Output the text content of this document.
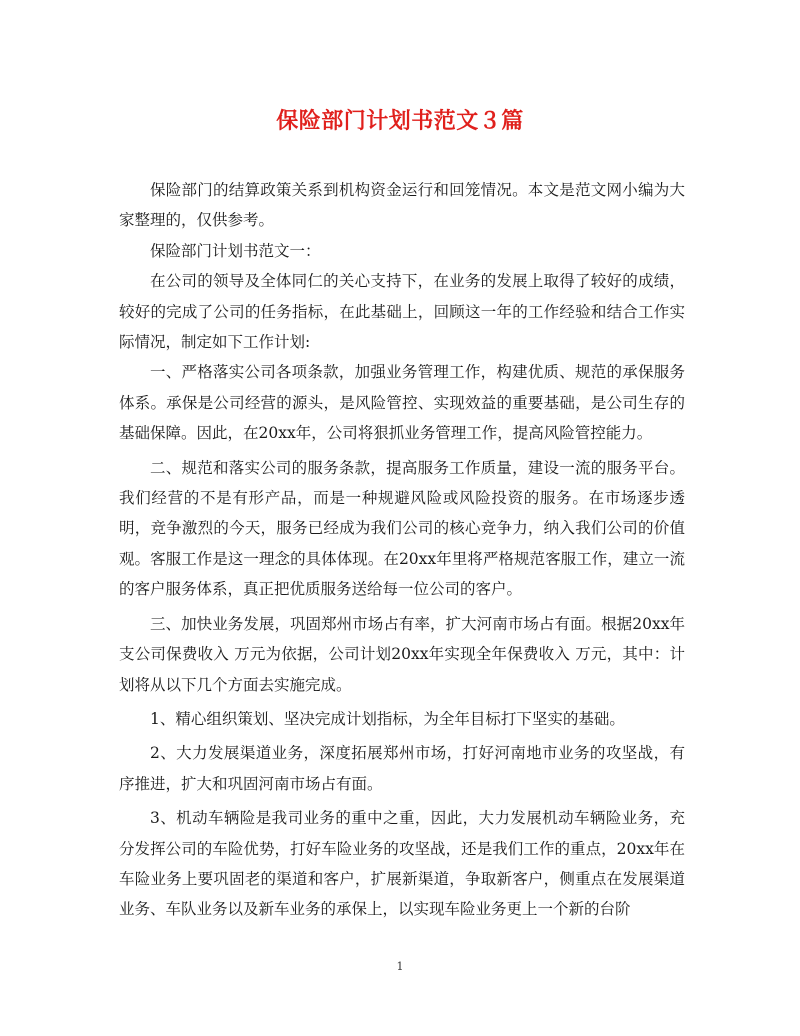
保险部门计划书范文３篇

保险部门的结算政策关系到机构资金运行和回笼情况。本文是范文网小编为大家整理的，仅供参考。

保险部门计划书范文一：

在公司的领导及全体同仁的关心支持下，在业务的发展上取得了较好的成绩，较好的完成了公司的任务指标，在此基础上，回顾这一年的工作经验和结合工作实际情况，制定如下工作计划:

一、严格落实公司各项条款，加强业务管理工作，构建优质、规范的承保服务体系。承保是公司经营的源头，是风险管控、实现效益的重要基础，是公司生存的基础保障。因此，在20xx年，公司将狠抓业务管理工作，提高风险管控能力。

二、规范和落实公司的服务条款，提高服务工作质量，建设一流的服务平台。我们经营的不是有形产品，而是一种规避风险或风险投资的服务。在市场逐步透明，竞争激烈的今天，服务已经成为我们公司的核心竞争力，纳入我们公司的价值观。客服工作是这一理念的具体体现。在20xx年里将严格规范客服工作，建立一流的客户服务体系，真正把优质服务送给每一位公司的客户。

三、加快业务发展，巩固郑州市场占有率，扩大河南市场占有面。根据20xx年支公司保费收入 万元为依据，公司计划20xx年实现全年保费收入 万元，其中：计划将从以下几个方面去实施完成。

1、精心组织策划、坚决完成计划指标，为全年目标打下坚实的基础。

2、大力发展渠道业务，深度拓展郑州市场，打好河南地市业务的攻坚战，有序推进，扩大和巩固河南市场占有面。

3、机动车辆险是我司业务的重中之重，因此，大力发展机动车辆险业务，充分发挥公司的车险优势，打好车险业务的攻坚战，还是我们工作的重点，20xx年在车险业务上要巩固老的渠道和客户，扩展新渠道，争取新客户，侧重点在发展渠道业务、车队业务以及新车业务的承保上，以实现车险业务更上一个新的台阶

1
